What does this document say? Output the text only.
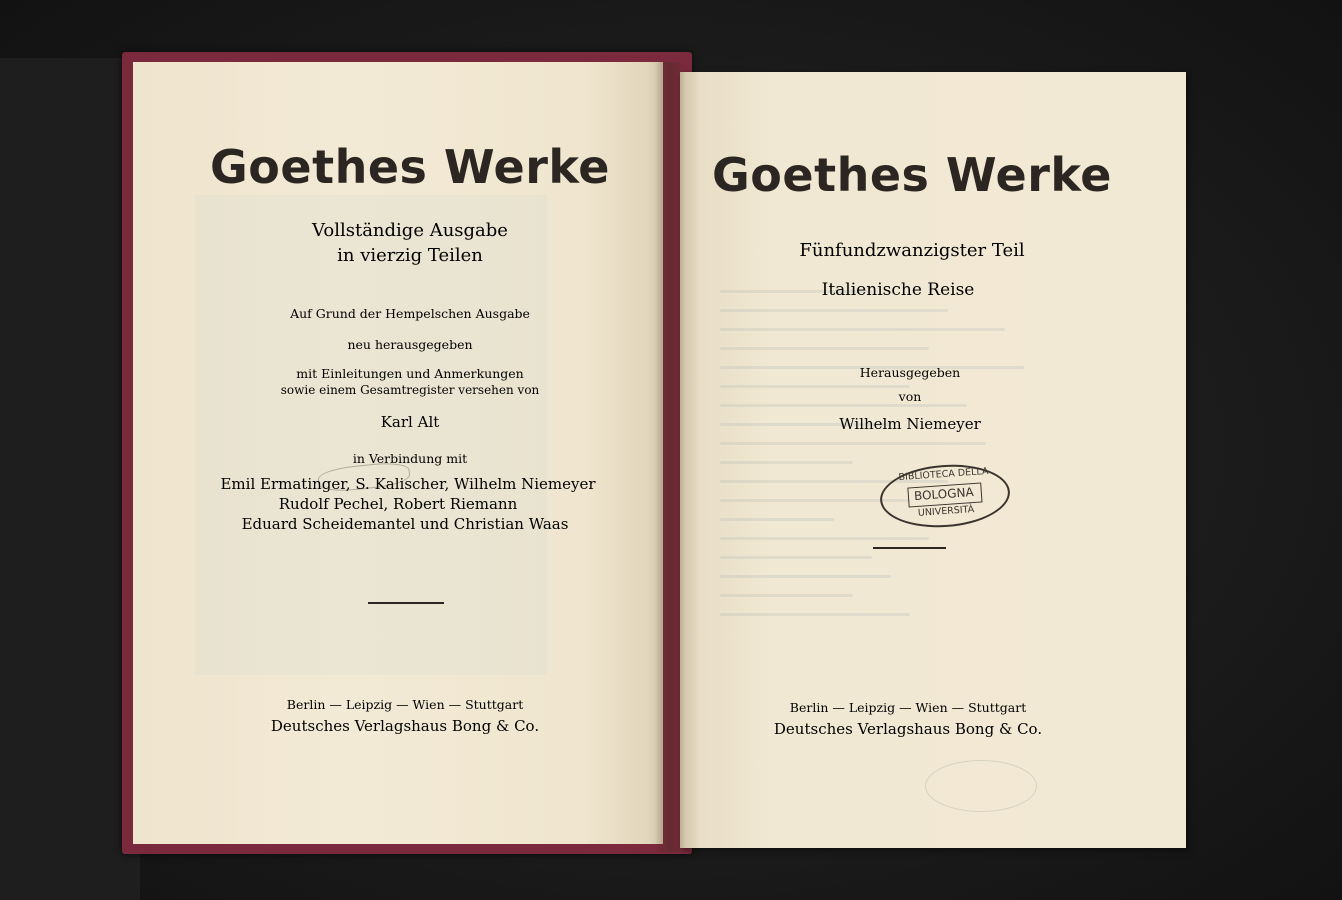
Goethes Werke
Vollständige Ausgabe
in vierzig Teilen
Auf Grund der Hempelschen Ausgabe
neu herausgegeben
mit Einleitungen und Anmerkungen
sowie einem Gesamtregister versehen von
Karl Alt
in Verbindung mit
Emil Ermatinger, S. Kalischer, Wilhelm Niemeyer
Rudolf Pechel, Robert Riemann
Eduard Scheidemantel und Christian Waas
Berlin — Leipzig — Wien — Stuttgart
Deutsches Verlagshaus Bong & Co.
Goethes Werke
Fünfundzwanzigster Teil
Italienische Reise
Herausgegeben
von
Wilhelm Niemeyer
BIBLIOTECA DELLA
BOLOGNA
UNIVERSITÀ
Berlin — Leipzig — Wien — Stuttgart
Deutsches Verlagshaus Bong & Co.
